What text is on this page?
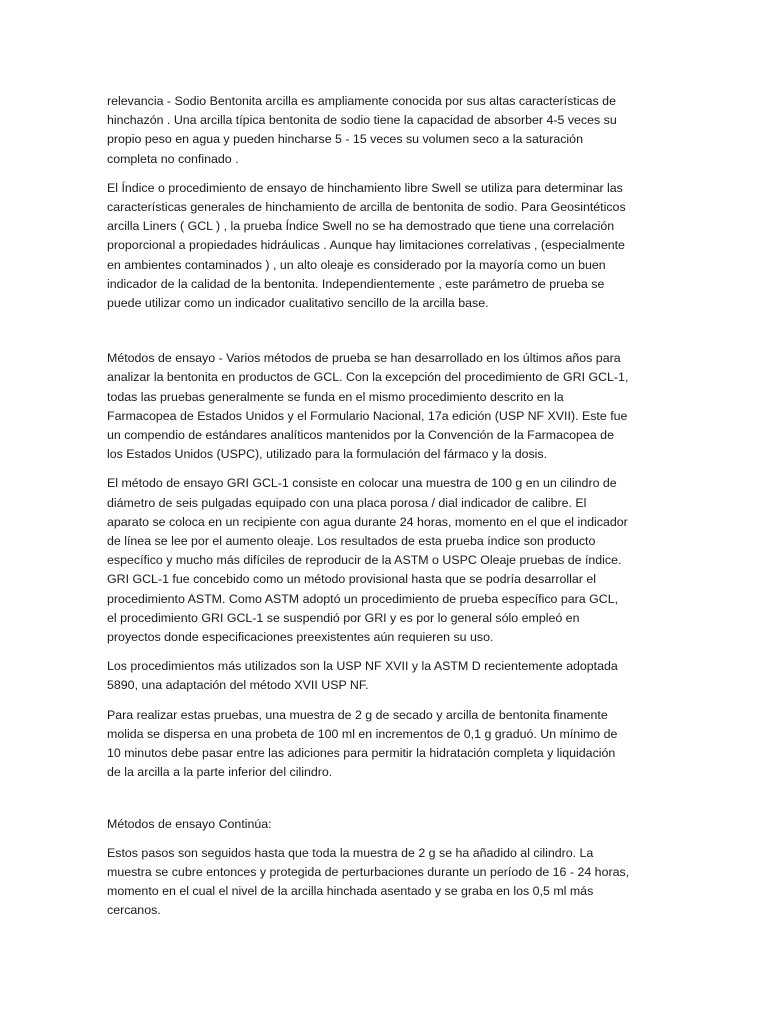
relevancia - Sodio Bentonita arcilla es ampliamente conocida por sus altas características de hinchazón . Una arcilla típica bentonita de sodio tiene la capacidad de absorber 4-5 veces su propio peso en agua y pueden hincharse 5 - 15 veces su volumen seco a la saturación completa no confinado .

El Índice o procedimiento de ensayo de hinchamiento libre Swell se utiliza para determinar las características generales de hinchamiento de arcilla de bentonita de sodio. Para Geosintéticos arcilla Liners ( GCL ) , la prueba Índice Swell no se ha demostrado que tiene una correlación proporcional a propiedades hidráulicas . Aunque hay limitaciones correlativas , (especialmente en ambientes contaminados ) , un alto oleaje es considerado por la mayoría como un buen indicador de la calidad de la bentonita. Independientemente , este parámetro de prueba se puede utilizar como un indicador cualitativo sencillo de la arcilla base.

Métodos de ensayo - Varios métodos de prueba se han desarrollado en los últimos años para analizar la bentonita en productos de GCL. Con la excepción del procedimiento de GRI GCL-1, todas las pruebas generalmente se funda en el mismo procedimiento descrito en la Farmacopea de Estados Unidos y el Formulario Nacional, 17a edición (USP NF XVII). Este fue un compendio de estándares analíticos mantenidos por la Convención de la Farmacopea de los Estados Unidos (USPC), utilizado para la formulación del fármaco y la dosis.

El método de ensayo GRI GCL-1 consiste en colocar una muestra de 100 g en un cilindro de diámetro de seis pulgadas equipado con una placa porosa / dial indicador de calibre. El aparato se coloca en un recipiente con agua durante 24 horas, momento en el que el indicador de línea se lee por el aumento oleaje. Los resultados de esta prueba índice son producto específico y mucho más difíciles de reproducir de la ASTM o USPC Oleaje pruebas de índice. GRI GCL-1 fue concebido como un método provisional hasta que se podría desarrollar el procedimiento ASTM. Como ASTM adoptó un procedimiento de prueba específico para GCL, el procedimiento GRI GCL-1 se suspendió por GRI y es por lo general sólo empleó en proyectos donde especificaciones preexistentes aún requieren su uso.

Los procedimientos más utilizados son la USP NF XVII y la ASTM D recientemente adoptada 5890, una adaptación del método XVII USP NF.

Para realizar estas pruebas, una muestra de 2 g de secado y arcilla de bentonita finamente molida se dispersa en una probeta de 100 ml en incrementos de 0,1 g graduó. Un mínimo de 10 minutos debe pasar entre las adiciones para permitir la hidratación completa y liquidación de la arcilla a la parte inferior del cilindro.

Métodos de ensayo Continúa:

Estos pasos son seguidos hasta que toda la muestra de 2 g se ha añadido al cilindro. La muestra se cubre entonces y protegida de perturbaciones durante un período de 16 - 24 horas, momento en el cual el nivel de la arcilla hinchada asentado y se graba en los 0,5 ml más cercanos.
